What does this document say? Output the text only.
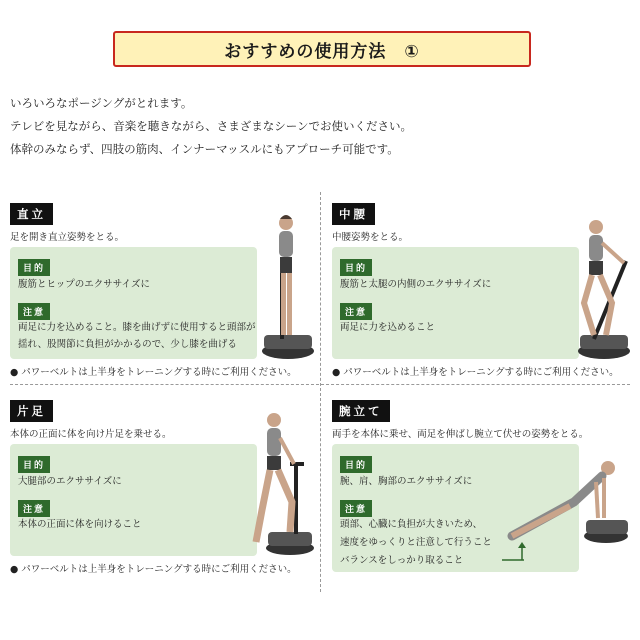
おすすめの使用方法　①

いろいろなポージングがとれます。

テレビを見ながら、音楽を聴きながら、さまざまなシーンでお使いください。

体幹のみならず、四肢の筋肉、インナーマッスルにもアプローチ可能です。

直立
足を開き直立姿勢をとる。
目的
腹筋とヒップのエクササイズに
注意
両足に力を込めること。膝を曲げずに使用すると頭部が
揺れ、股関節に負担がかかるので、少し膝を曲げる
● パワーベルトは上半身をトレーニングする時にご利用ください。
中腰
中腰姿勢をとる。
目的
腹筋と太腿の内側のエクササイズに
注意
両足に力を込めること
● パワーベルトは上半身をトレーニングする時にご利用ください。
片足
本体の正面に体を向け片足を乗せる。
目的
大腿部のエクササイズに
注意
本体の正面に体を向けること
● パワーベルトは上半身をトレーニングする時にご利用ください。
腕立て
両手を本体に乗せ、両足を伸ばし腕立て伏せの姿勢をとる。
目的
腕、肩、胸部のエクササイズに
注意
頭部、心臓に負担が大きいため、
速度をゆっくりと注意して行うこと
バランスをしっかり取ること
